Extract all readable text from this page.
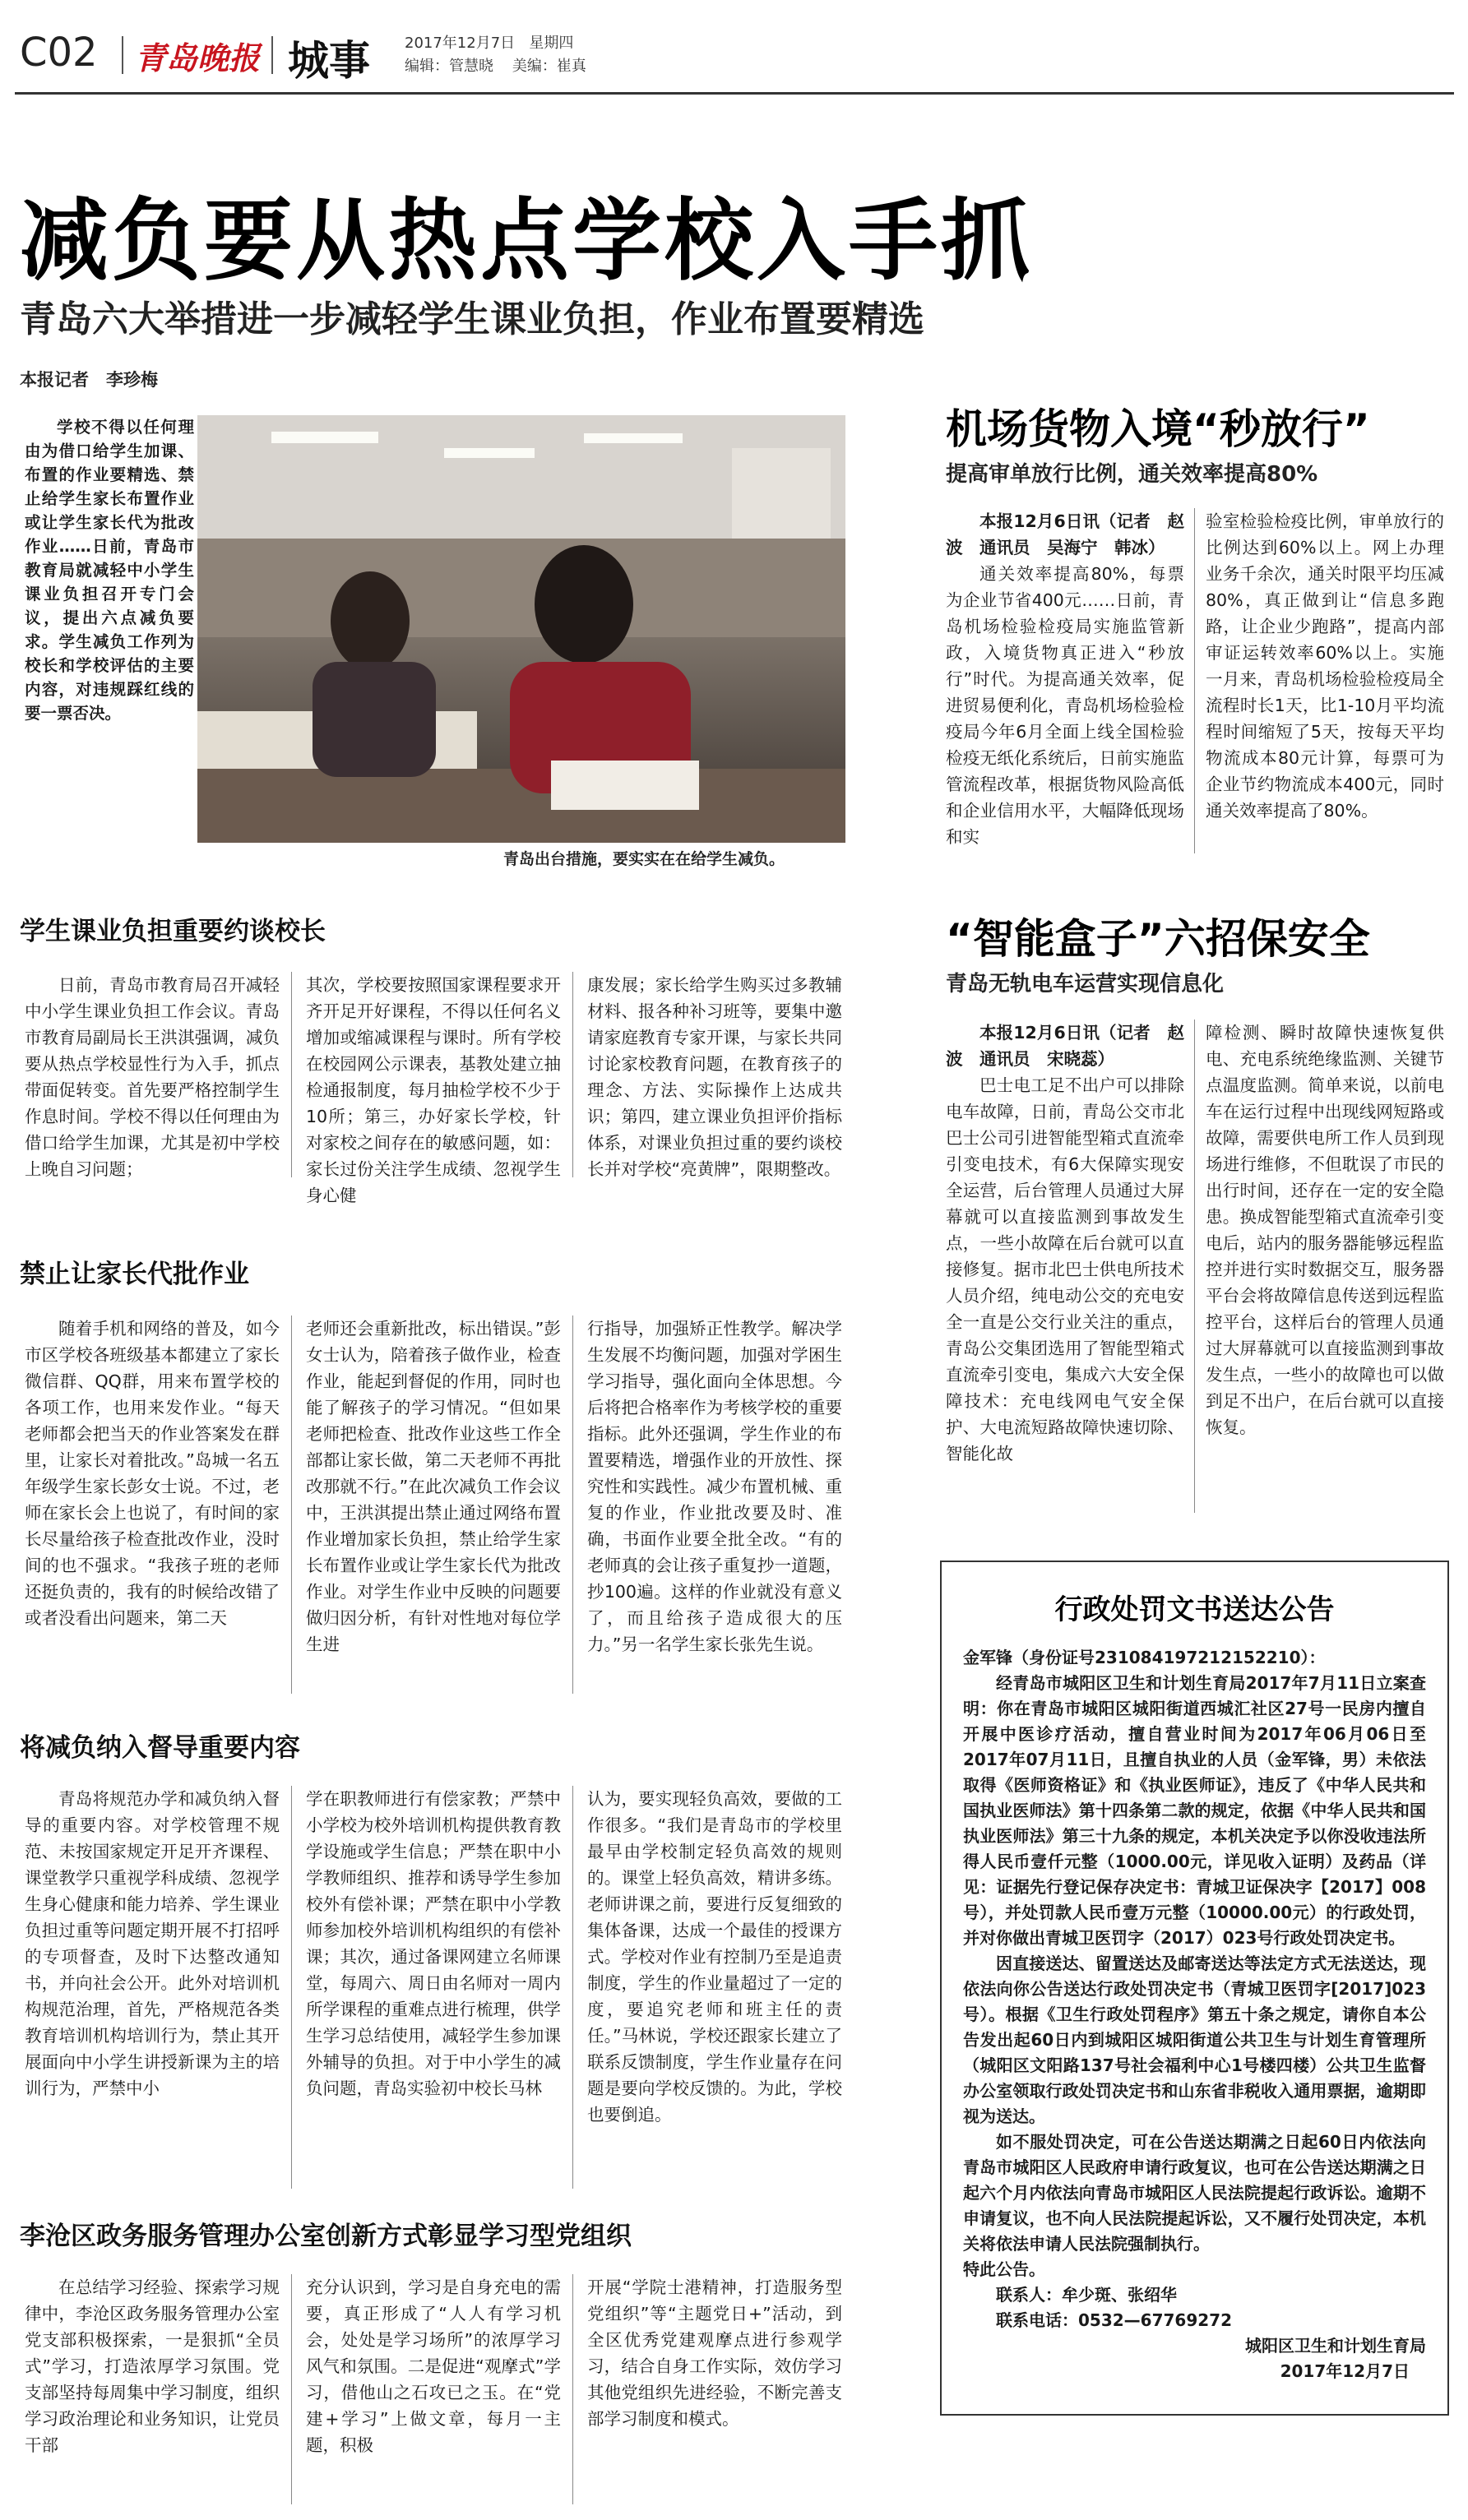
C02 青岛晚报 城事 2017年12月7日 星期四
编辑：管慧晓 美编：崔真
减负要从热点学校入手抓
青岛六大举措进一步减轻学生课业负担，作业布置要精选
本报记者　李珍梅

学校不得以任何理由为借口给学生加课、布置的作业要精选、禁止给学生家长布置作业或让学生家长代为批改作业……日前，青岛市教育局就减轻中小学生课业负担召开专门会议，提出六点减负要求。学生减负工作列为校长和学校评估的主要内容，对违规踩红线的要一票否决。

青岛出台措施，要实实在在给学生减负。
学生课业负担重要约谈校长

日前，青岛市教育局召开减轻中小学生课业负担工作会议。青岛市教育局副局长王洪淇强调，减负要从热点学校显性行为入手，抓点带面促转变。首先要严格控制学生作息时间。学校不得以任何理由为借口给学生加课，尤其是初中学校上晚自习问题；

其次，学校要按照国家课程要求开齐开足开好课程，不得以任何名义增加或缩减课程与课时。所有学校在校园网公示课表，基教处建立抽检通报制度，每月抽检学校不少于10所；第三，办好家长学校，针对家校之间存在的敏感问题，如：家长过份关注学生成绩、忽视学生身心健

康发展；家长给学生购买过多教辅材料、报各种补习班等，要集中邀请家庭教育专家开课，与家长共同讨论家校教育问题，在教育孩子的理念、方法、实际操作上达成共识；第四，建立课业负担评价指标体系，对课业负担过重的要约谈校长并对学校“亮黄牌”，限期整改。

禁止让家长代批作业

随着手机和网络的普及，如今市区学校各班级基本都建立了家长微信群、QQ群，用来布置学校的各项工作，也用来发作业。“每天老师都会把当天的作业答案发在群里，让家长对着批改。”岛城一名五年级学生家长彭女士说。不过，老师在家长会上也说了，有时间的家长尽量给孩子检查批改作业，没时间的也不强求。“我孩子班的老师还挺负责的，我有的时候给改错了或者没看出问题来，第二天

老师还会重新批改，标出错误。”彭女士认为，陪着孩子做作业，检查作业，能起到督促的作用，同时也能了解孩子的学习情况。“但如果老师把检查、批改作业这些工作全部都让家长做，第二天老师不再批改那就不行。”在此次减负工作会议中，王洪淇提出禁止通过网络布置作业增加家长负担，禁止给学生家长布置作业或让学生家长代为批改作业。对学生作业中反映的问题要做归因分析，有针对性地对每位学生进

行指导，加强矫正性教学。解决学生发展不均衡问题，加强对学困生学习指导，强化面向全体思想。今后将把合格率作为考核学校的重要指标。此外还强调，学生作业的布置要精选，增强作业的开放性、探究性和实践性。减少布置机械、重复的作业，作业批改要及时、准确，书面作业要全批全改。“有的老师真的会让孩子重复抄一道题，抄100遍。这样的作业就没有意义了，而且给孩子造成很大的压力。”另一名学生家长张先生说。

将减负纳入督导重要内容

青岛将规范办学和减负纳入督导的重要内容。对学校管理不规范、未按国家规定开足开齐课程、课堂教学只重视学科成绩、忽视学生身心健康和能力培养、学生课业负担过重等问题定期开展不打招呼的专项督查，及时下达整改通知书，并向社会公开。此外对培训机构规范治理，首先，严格规范各类教育培训机构培训行为，禁止其开展面向中小学生讲授新课为主的培训行为，严禁中小

学在职教师进行有偿家教；严禁中小学校为校外培训机构提供教育教学设施或学生信息；严禁在职中小学教师组织、推荐和诱导学生参加校外有偿补课；严禁在职中小学教师参加校外培训机构组织的有偿补课；其次，通过备课网建立名师课堂，每周六、周日由名师对一周内所学课程的重难点进行梳理，供学生学习总结使用，减轻学生参加课外辅导的负担。对于中小学生的减负问题，青岛实验初中校长马林

认为，要实现轻负高效，要做的工作很多。“我们是青岛市的学校里最早由学校制定轻负高效的规则的。课堂上轻负高效，精讲多练。老师讲课之前，要进行反复细致的集体备课，达成一个最佳的授课方式。学校对作业有控制乃至是追责制度，学生的作业量超过了一定的度，要追究老师和班主任的责任。”马林说，学校还跟家长建立了联系反馈制度，学生作业量存在问题是要向学校反馈的。为此，学校也要倒追。

机场货物入境“秒放行”
提高审单放行比例，通关效率提高80%

本报12月6日讯（记者　赵波　通讯员　吴海宁　韩冰）

通关效率提高80%，每票为企业节省400元……日前，青岛机场检验检疫局实施监管新政，入境货物真正进入“秒放行”时代。为提高通关效率，促进贸易便利化，青岛机场检验检疫局今年6月全面上线全国检验检疫无纸化系统后，日前实施监管流程改革，根据货物风险高低和企业信用水平，大幅降低现场和实

验室检验检疫比例，审单放行的比例达到60%以上。网上办理业务千余次，通关时限平均压减80%，真正做到让“信息多跑路，让企业少跑路”，提高内部审证运转效率60%以上。实施一月来，青岛机场检验检疫局全流程时长1天，比1-10月平均流程时间缩短了5天，按每天平均物流成本80元计算，每票可为企业节约物流成本400元，同时通关效率提高了80%。

“智能盒子”六招保安全
青岛无轨电车运营实现信息化

本报12月6日讯（记者　赵波　通讯员　宋晓蕊）

巴士电工足不出户可以排除电车故障，日前，青岛公交市北巴士公司引进智能型箱式直流牵引变电技术，有6大保障实现安全运营，后台管理人员通过大屏幕就可以直接监测到事故发生点，一些小故障在后台就可以直接修复。据市北巴士供电所技术人员介绍，纯电动公交的充电安全一直是公交行业关注的重点，青岛公交集团选用了智能型箱式直流牵引变电，集成六大安全保障技术：充电线网电气安全保护、大电流短路故障快速切除、智能化故

障检测、瞬时故障快速恢复供电、充电系统绝缘监测、关键节点温度监测。简单来说，以前电车在运行过程中出现线网短路或故障，需要供电所工作人员到现场进行维修，不但耽误了市民的出行时间，还存在一定的安全隐患。换成智能型箱式直流牵引变电后，站内的服务器能够远程监控并进行实时数据交互，服务器平台会将故障信息传送到远程监控平台，这样后台的管理人员通过大屏幕就可以直接监测到事故发生点，一些小的故障也可以做到足不出户，在后台就可以直接恢复。

行政处罚文书送达公告
金军锋（身份证号231084197212152210）：

经青岛市城阳区卫生和计划生育局2017年7月11日立案查明：你在青岛市城阳区城阳街道西城汇社区27号一民房内擅自开展中医诊疗活动，擅自营业时间为2017年06月06日至2017年07月11日，且擅自执业的人员（金军锋，男）未依法取得《医师资格证》和《执业医师证》，违反了《中华人民共和国执业医师法》第十四条第二款的规定，依据《中华人民共和国执业医师法》第三十九条的规定，本机关决定予以你没收违法所得人民币壹仟元整（1000.00元，详见收入证明）及药品（详见：证据先行登记保存决定书：青城卫证保决字【2017】008号），并处罚款人民币壹万元整（10000.00元）的行政处罚，并对你做出青城卫医罚字（2017）023号行政处罚决定书。

因直接送达、留置送达及邮寄送达等法定方式无法送达，现依法向你公告送达行政处罚决定书（青城卫医罚字[2017]023号）。根据《卫生行政处罚程序》第五十条之规定，请你自本公告发出起60日内到城阳区城阳街道公共卫生与计划生育管理所（城阳区文阳路137号社会福利中心1号楼四楼）公共卫生监督办公室领取行政处罚决定书和山东省非税收入通用票据，逾期即视为送达。

如不服处罚决定，可在公告送达期满之日起60日内依法向青岛市城阳区人民政府申请行政复议，也可在公告送达期满之日起六个月内依法向青岛市城阳区人民法院提起行政诉讼。逾期不申请复议，也不向人民法院提起诉讼，又不履行处罚决定，本机关将依法申请人民法院强制执行。

特此公告。

联系人：牟少斑、张绍华
联系电话：0532—67769272
城阳区卫生和计划生育局
2017年12月7日
李沧区政务服务管理办公室创新方式彰显学习型党组织

在总结学习经验、探索学习规律中，李沧区政务服务管理办公室党支部积极探索，一是狠抓“全员式”学习，打造浓厚学习氛围。党支部坚持每周集中学习制度，组织学习政治理论和业务知识，让党员干部

充分认识到，学习是自身充电的需要，真正形成了“人人有学习机会，处处是学习场所”的浓厚学习风气和氛围。二是促进“观摩式”学习，借他山之石攻已之玉。在“党建+学习”上做文章，每月一主题，积极

开展“学院士港精神，打造服务型党组织”等“主题党日+”活动，到全区优秀党建观摩点进行参观学习，结合自身工作实际，效仿学习其他党组织先进经验，不断完善支部学习制度和模式。
